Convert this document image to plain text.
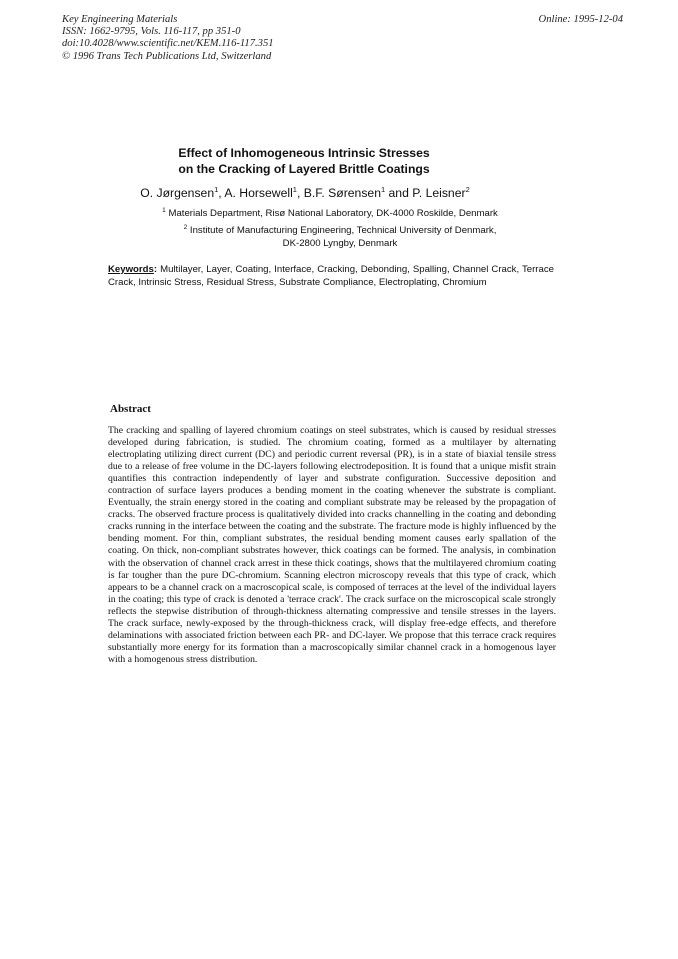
Key Engineering Materials
ISSN: 1662-9795, Vols. 116-117, pp 351-0
doi:10.4028/www.scientific.net/KEM.116-117.351
© 1996 Trans Tech Publications Ltd, Switzerland
Online: 1995-12-04
Effect of Inhomogeneous Intrinsic Stresses
on the Cracking of Layered Brittle Coatings
O. Jørgensen$^1$, A. Horsewell$^1$, B.F. Sørensen$^1$ and P. Leisner$^2$
$^1$ Materials Department, Risø National Laboratory, DK-4000 Roskilde, Denmark
$^2$ Institute of Manufacturing Engineering, Technical University of Denmark,
DK-2800 Lyngby, Denmark
Keywords: Multilayer, Layer, Coating, Interface, Cracking, Debonding, Spalling, Channel Crack, Terrace Crack, Intrinsic Stress, Residual Stress, Substrate Compliance, Electroplating, Chromium
Abstract
The cracking and spalling of layered chromium coatings on steel substrates, which is caused by residual stresses developed during fabrication, is studied. The chromium coating, formed as a multilayer by alternating electroplating utilizing direct current (DC) and periodic current reversal (PR), is in a state of biaxial tensile stress due to a release of free volume in the DC-layers following electrodeposition. It is found that a unique misfit strain quantifies this contraction independently of layer and substrate configuration. Successive deposition and contraction of surface layers produces a bending moment in the coating whenever the substrate is compliant. Eventually, the strain energy stored in the coating and compliant substrate may be released by the propagation of cracks. The observed fracture process is qualitatively divided into cracks channelling in the coating and debonding cracks running in the interface between the coating and the substrate. The fracture mode is highly influenced by the bending moment. For thin, compliant substrates, the residual bending moment causes early spallation of the coating. On thick, non-compliant substrates however, thick coatings can be formed. The analysis, in combination with the observation of channel crack arrest in these thick coatings, shows that the multilayered chromium coating is far tougher than the pure DC-chromium. Scanning electron microscopy reveals that this type of crack, which appears to be a channel crack on a macroscopical scale, is composed of terraces at the level of the individual layers in the coating; this type of crack is denoted a 'terrace crack'. The crack surface on the microscopical scale strongly reflects the stepwise distribution of through-thickness alternating compressive and tensile stresses in the layers. The crack surface, newly-exposed by the through-thickness crack, will display free-edge effects, and therefore delaminations with associated friction between each PR- and DC-layer. We propose that this terrace crack requires substantially more energy for its formation than a macroscopically similar channel crack in a homogenous layer with a homogenous stress distribution.
